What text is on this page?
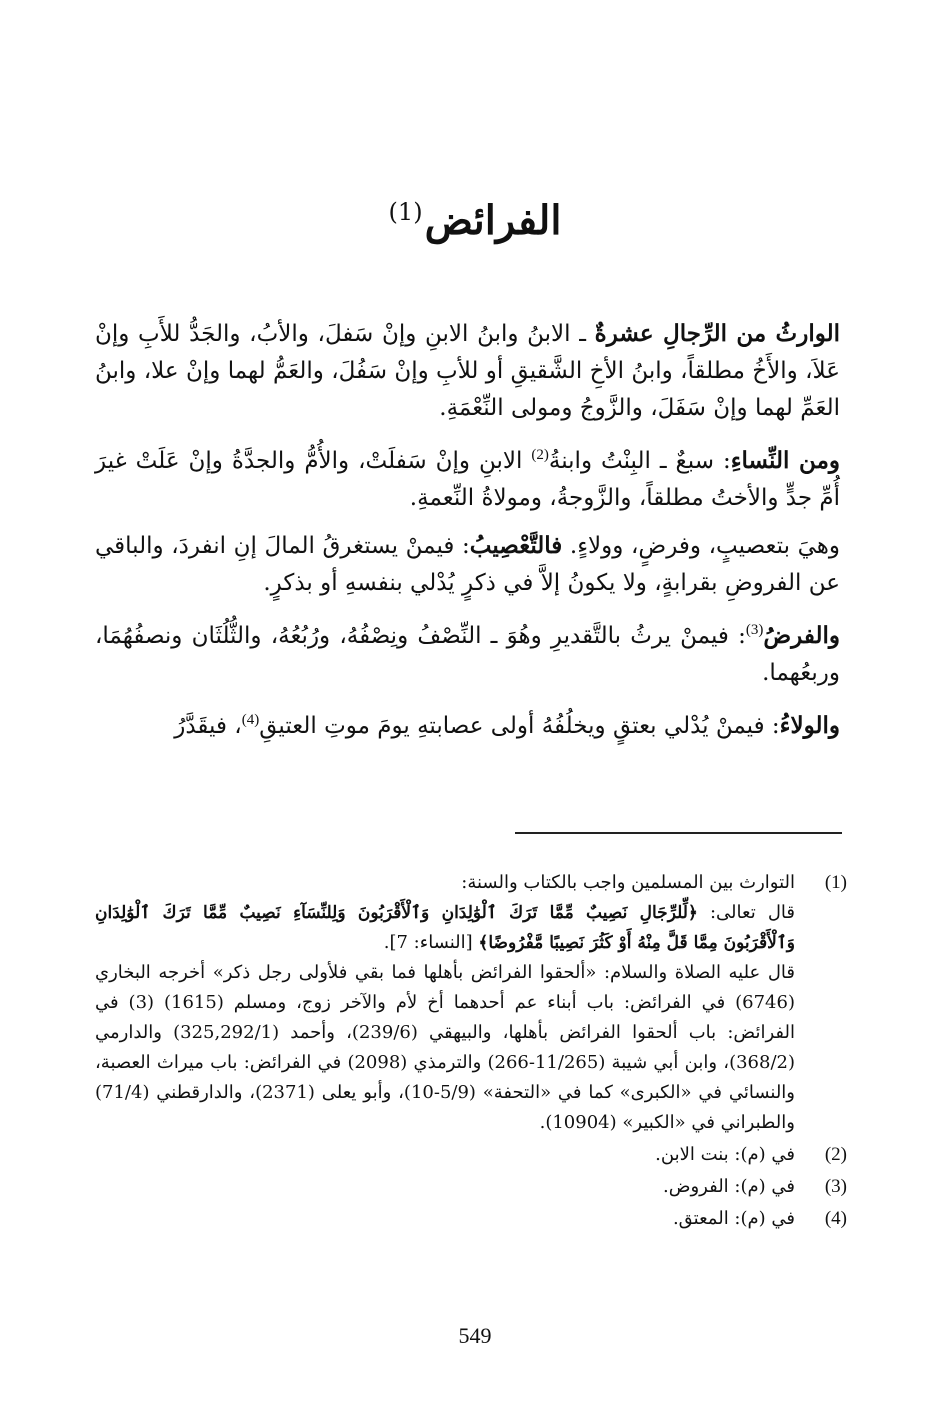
الفرائض$^{(1)}$

الوارثُ من الرِّجالِ عشرةٌ ـ الابنُ وابنُ الابنِ وإنْ سَفلَ، والأبُ، والجَدُّ للأَبِ وإنْ عَلاَ، والأَخُ مطلقاً، وابنُ الأخِ الشَّقيقِ أو للأبِ وإنْ سَفُلَ، والعَمُّ لهما وإنْ علا، وابنُ العَمِّ لهما وإنْ سَفَلَ، والزَّوجُ ومولى النِّعْمَةِ.

ومن النِّساءِ: سبعٌ ـ البِنْتُ وابنةُ$^{(2)}$ الابنِ وإنْ سَفلَتْ، والأُمُّ والجدَّةُ وإنْ عَلَتْ غيرَ أُمِّ جدٍّ والأختُ مطلقاً، والزَّوجةُ، ومولاةُ النِّعمةِ.

وهيَ بتعصيبٍ، وفرضٍ، وولاءٍ. فالتَّعْصِيبُ: فيمنْ يستغرقُ المالَ إنِ انفردَ، والباقي عن الفروضِ بقرابةٍ، ولا يكونُ إلاَّ في ذكرٍ يُدْلي بنفسهِ أو بذكرٍ.

والفرضُ$^{(3)}$: فيمنْ يرثُ بالتَّقديرِ وهُوَ ـ النِّصْفُ ونِصْفُهُ، ورُبُعُهُ، والثُّلُثَان ونصفُهُمَا، وربعُهما.

والولاءُ: فيمنْ يُدْلي بعتقٍ ويخلُفُهُ أولى عصابتهِ يومَ موتِ العتيقِ$^{(4)}$، فيقَدَّرُ

(1)

التوارث بين المسلمين واجب بالكتاب والسنة:

قال تعالى: ﴿لِّلرِّجَالِ نَصِيبٌ مِّمَّا تَرَكَ ٱلْوَٰلِدَانِ وَٱلْأَقْرَبُونَ وَلِلنِّسَآءِ نَصِيبٌ مِّمَّا تَرَكَ ٱلْوَٰلِدَانِ وَٱلْأَقْرَبُونَ مِمَّا قَلَّ مِنْهُ أَوْ كَثُرَ نَصِيبًا مَّفْرُوضًا﴾ [النساء: 7].

قال عليه الصلاة والسلام: «ألحقوا الفرائض بأهلها فما بقي فلأولى رجل ذكر» أخرجه البخاري (6746) في الفرائض: باب أبناء عم أحدهما أخ لأم والآخر زوج، ومسلم (1615) (3) في الفرائض: باب ألحقوا الفرائض بأهلها، والبيهقي (239/6)، وأحمد (325,292/1) والدارمي (368/2)، وابن أبي شيبة (11/265-266) والترمذي (2098) في الفرائض: باب ميراث العصبة، والنسائي في «الكبرى» كما في «التحفة» (5/9-10)، وأبو يعلى (2371)، والدارقطني (71/4) والطبراني في «الكبير» (10904).

(2)
في (م): بنت الابن.
(3)
في (م): الفروض.
(4)
في (م): المعتق.
549
